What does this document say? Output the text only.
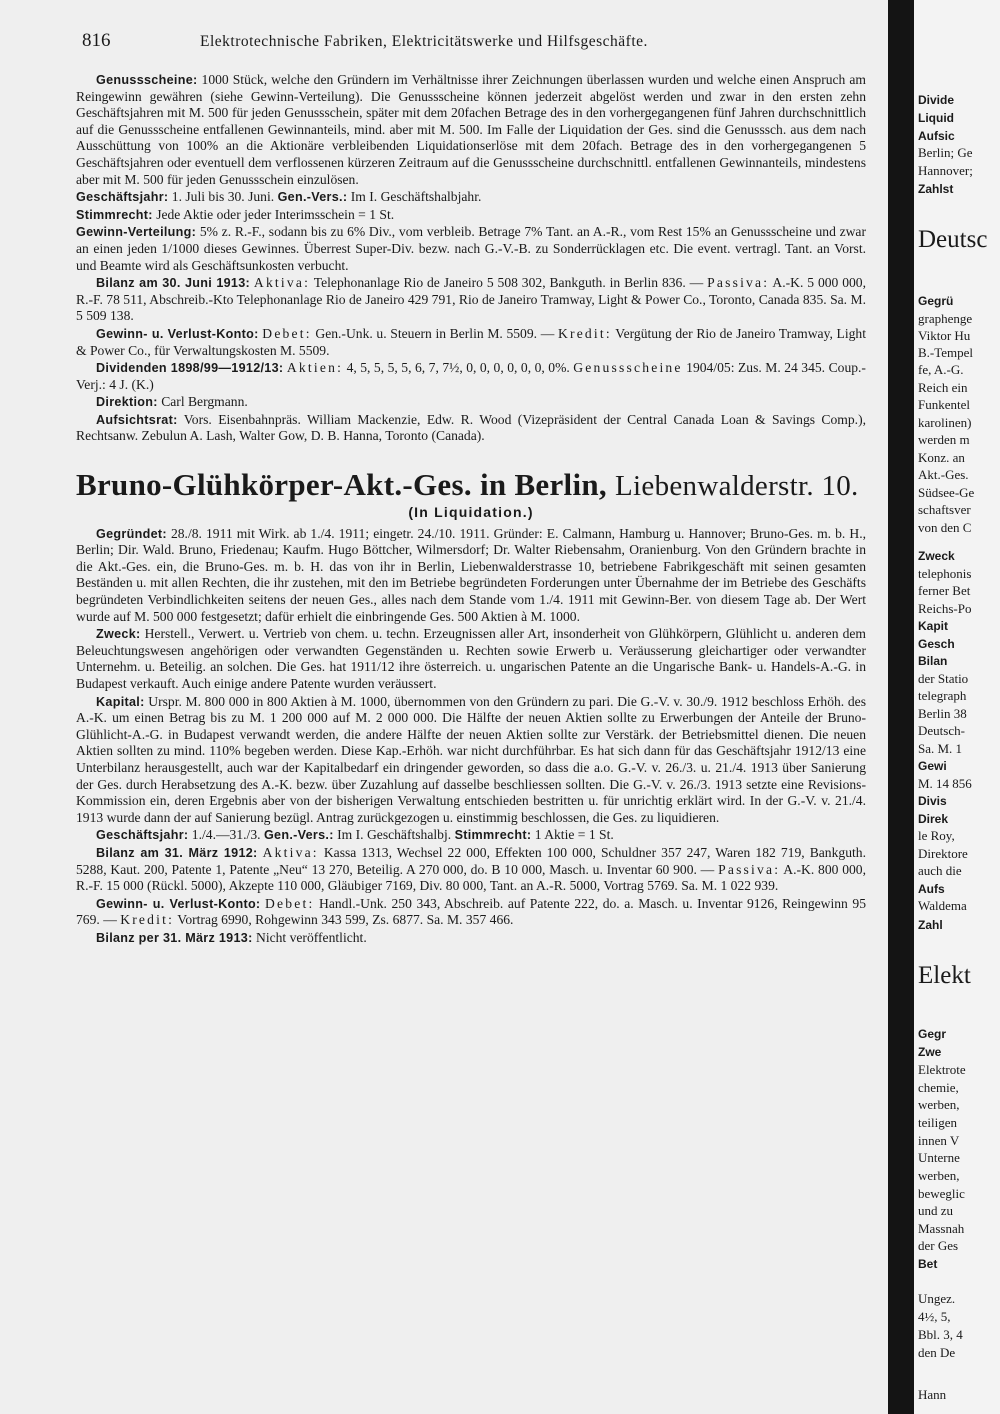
816	Elektrotechnische Fabriken, Elektricitätswerke und Hilfsgeschäfte.

Genussscheine: 1000 Stück, welche den Gründern im Verhältnisse ihrer Zeichnungen überlassen wurden und welche einen Anspruch am Reingewinn gewähren (siehe Gewinn-Verteilung). Die Genussscheine können jederzeit abgelöst werden und zwar in den ersten zehn Geschäftsjahren mit M. 500 für jeden Genussschein, später mit dem 20fachen Betrage des in den vorhergegangenen fünf Jahren durchschnittlich auf die Genussscheine entfallenen Gewinnanteils, mind. aber mit M. 500. Im Falle der Liquidation der Ges. sind die Genusssch. aus dem nach Ausschüttung von 100% an die Aktionäre verbleibenden Liquidationserlöse mit dem 20fach. Betrage des in den vorhergegangenen 5 Geschäftsjahren oder eventuell dem verflossenen kürzeren Zeitraum auf die Genussscheine durchschnittl. entfallenen Gewinnanteils, mindestens aber mit M. 500 für jeden Genussschein einzulösen.

Geschäftsjahr: 1. Juli bis 30. Juni. Gen.-Vers.: Im I. Geschäftshalbjahr.

Stimmrecht: Jede Aktie oder jeder Interimsschein = 1 St.

Gewinn-Verteilung: 5% z. R.-F., sodann bis zu 6% Div., vom verbleib. Betrage 7% Tant. an A.-R., vom Rest 15% an Genussscheine und zwar an einen jeden 1/1000 dieses Gewinnes. Überrest Super-Div. bezw. nach G.-V.-B. zu Sonderrücklagen etc. Die event. vertragl. Tant. an Vorst. und Beamte wird als Geschäftsunkosten verbucht.

Bilanz am 30. Juni 1913: Aktiva: Telephonanlage Rio de Janeiro 5 508 302, Bankguth. in Berlin 836. — Passiva: A.-K. 5 000 000, R.-F. 78 511, Abschreib.-Kto Telephonanlage Rio de Janeiro 429 791, Rio de Janeiro Tramway, Light & Power Co., Toronto, Canada 835. Sa. M. 5 509 138.

Gewinn- u. Verlust-Konto: Debet: Gen.-Unk. u. Steuern in Berlin M. 5509. — Kredit: Vergütung der Rio de Janeiro Tramway, Light & Power Co., für Verwaltungskosten M. 5509.

Dividenden 1898/99—1912/13: Aktien: 4, 5, 5, 5, 5, 6, 7, 7½, 0, 0, 0, 0, 0, 0, 0%. Genussscheine 1904/05: Zus. M. 24 345. Coup.-Verj.: 4 J. (K.)

Direktion: Carl Bergmann.

Aufsichtsrat: Vors. Eisenbahnpräs. William Mackenzie, Edw. R. Wood (Vizepräsident der Central Canada Loan & Savings Comp.), Rechtsanw. Zebulun A. Lash, Walter Gow, D. B. Hanna, Toronto (Canada).

Bruno-Glühkörper-Akt.-Ges. in Berlin, Liebenwalderstr. 10.
(In Liquidation.)

Gegründet: 28./8. 1911 mit Wirk. ab 1./4. 1911; eingetr. 24./10. 1911. Gründer: E. Calmann, Hamburg u. Hannover; Bruno-Ges. m. b. H., Berlin; Dir. Wald. Bruno, Friedenau; Kaufm. Hugo Böttcher, Wilmersdorf; Dr. Walter Riebensahm, Oranienburg. Von den Gründern brachte in die Akt.-Ges. ein, die Bruno-Ges. m. b. H. das von ihr in Berlin, Liebenwalderstrasse 10, betriebene Fabrikgeschäft mit seinen gesamten Beständen u. mit allen Rechten, die ihr zustehen, mit den im Betriebe begründeten Forderungen unter Übernahme der im Betriebe des Geschäfts begründeten Verbindlichkeiten seitens der neuen Ges., alles nach dem Stande vom 1./4. 1911 mit Gewinn-Ber. von diesem Tage ab. Der Wert wurde auf M. 500 000 festgesetzt; dafür erhielt die einbringende Ges. 500 Aktien à M. 1000.

Zweck: Herstell., Verwert. u. Vertrieb von chem. u. techn. Erzeugnissen aller Art, insonderheit von Glühkörpern, Glühlicht u. anderen dem Beleuchtungswesen angehörigen oder verwandten Gegenständen u. Rechten sowie Erwerb u. Veräusserung gleichartiger oder verwandter Unternehm. u. Beteilig. an solchen. Die Ges. hat 1911/12 ihre österreich. u. ungarischen Patente an die Ungarische Bank- u. Handels-A.-G. in Budapest verkauft. Auch einige andere Patente wurden veräussert.

Kapital: Urspr. M. 800 000 in 800 Aktien à M. 1000, übernommen von den Gründern zu pari. Die G.-V. v. 30./9. 1912 beschloss Erhöh. des A.-K. um einen Betrag bis zu M. 1 200 000 auf M. 2 000 000. Die Hälfte der neuen Aktien sollte zu Erwerbungen der Anteile der Bruno-Glühlicht-A.-G. in Budapest verwandt werden, die andere Hälfte der neuen Aktien sollte zur Verstärk. der Betriebsmittel dienen. Die neuen Aktien sollten zu mind. 110% begeben werden. Diese Kap.-Erhöh. war nicht durchführbar. Es hat sich dann für das Geschäftsjahr 1912/13 eine Unterbilanz herausgestellt, auch war der Kapitalbedarf ein dringender geworden, so dass die a.o. G.-V. v. 26./3. u. 21./4. 1913 über Sanierung der Ges. durch Herabsetzung des A.-K. bezw. über Zuzahlung auf dasselbe beschliessen sollten. Die G.-V. v. 26./3. 1913 setzte eine Revisions-Kommission ein, deren Ergebnis aber von der bisherigen Verwaltung entschieden bestritten u. für unrichtig erklärt wird. In der G.-V. v. 21./4. 1913 wurde dann der auf Sanierung bezügl. Antrag zurückgezogen u. einstimmig beschlossen, die Ges. zu liquidieren.

Geschäftsjahr: 1./4.—31./3. Gen.-Vers.: Im I. Geschäftshalbj. Stimmrecht: 1 Aktie = 1 St.

Bilanz am 31. März 1912: Aktiva: Kassa 1313, Wechsel 22 000, Effekten 100 000, Schuldner 357 247, Waren 182 719, Bankguth. 5288, Kaut. 200, Patente 1, Patente „Neu“ 13 270, Beteilig. A 270 000, do. B 10 000, Masch. u. Inventar 60 900. — Passiva: A.-K. 800 000, R.-F. 15 000 (Rückl. 5000), Akzepte 110 000, Gläubiger 7169, Div. 80 000, Tant. an A.-R. 5000, Vortrag 5769. Sa. M. 1 022 939.

Gewinn- u. Verlust-Konto: Debet: Handl.-Unk. 250 343, Abschreib. auf Patente 222, do. a. Masch. u. Inventar 9126, Reingewinn 95 769. — Kredit: Vortrag 6990, Rohgewinn 343 599, Zs. 6877. Sa. M. 357 466.

Bilanz per 31. März 1913: Nicht veröffentlicht.

Divide
Liquid
Aufsic
Berlin; Ge
Hannover;
Zahlst
Deutsc
Gegrü
graphenge
Viktor Hu
B.-Tempel
fe, A.-G.
Reich ein
Funkentel
karolinen)
werden m
Konz. an
Akt.-Ges.
Südsee-Ge
schaftsver
von den C
Zweck
telephonis
ferner Bet
Reichs-Po
Kapit
Gesch
Bilan
der Statio
telegraph
Berlin 38
Deutsch-
Sa. M. 1
Gewi
M. 14 856
Divis
Direk
le Roy,
Direktore
auch die
Aufs
Waldema
Zahl
Elekt
Gegr
Zwe
Elektrote
chemie,
werben,
teiligen
innen V
Unterne
werben,
beweglic
und zu
Massnah
der Ges
Bet
Ungez.
4½, 5,
Bbl. 3, 4
den De
Hann
